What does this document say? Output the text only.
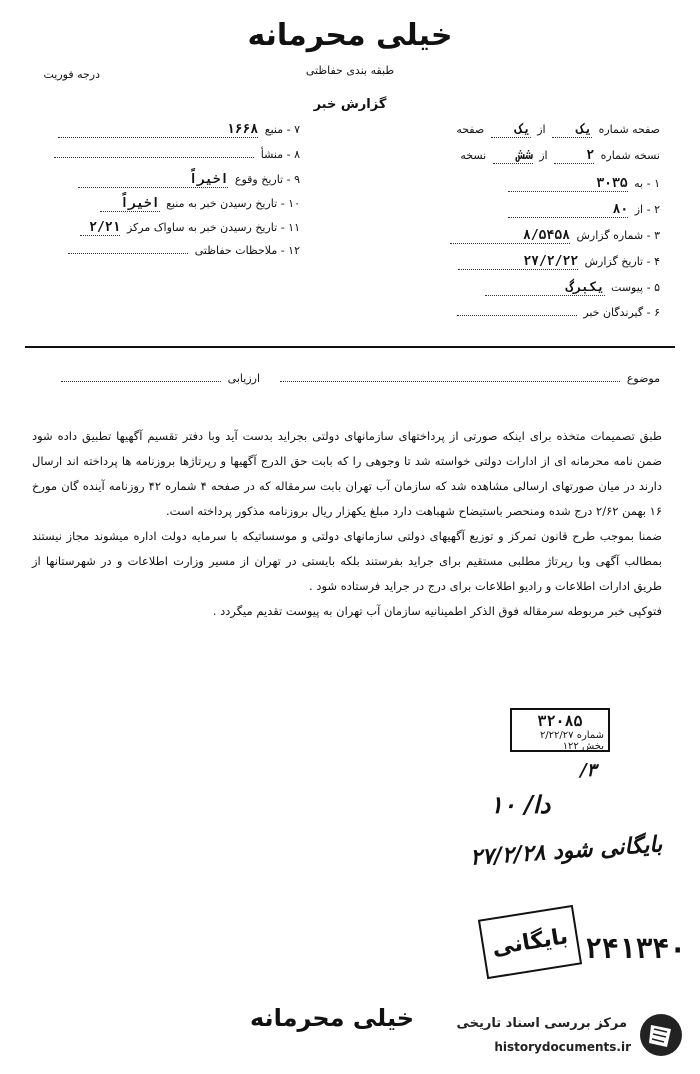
خیلی محرمانه
طبقه بندی حفاظتی
درجه فوریت
گزارش خبر
صفحه شماره یک از یک صفحه
نسخه شماره ۲ از شش نسخه
۱ - به ۳۰۳۵
۲ - از ۸۰
۳ - شماره گزارش ۸/۵۴۵۸
۴ - تاریخ گزارش ۲۷/۲/۲۲
۵ - پیوست یکبرگ
۶ - گیرندگان خبر
۷ - منبع ۱۶۶۸
۸ - منشأ
۹ - تاریخ وقوع اخیراً
۱۰ - تاریخ رسیدن خبر به منبع اخیراً
۱۱ - تاریخ رسیدن خبر به ساواک مرکز ۲/۲۱
۱۲ - ملاحظات حفاظتی
موضوع
ارزیابی

طبق تصمیمات متخذه برای اینکه صورتی از پرداختهای سازمانهای دولتی بجراید بدست آید وبا دفتر تقسیم آگهیها تطبیق داده شود ضمن نامه محرمانه ای از ادارات دولتی خواسته شد تا وجوهی را که بابت حق الدرج آگهیها و رپرتاژها بروزنامه ها پرداخته اند ارسال دارند در میان صورتهای ارسالی مشاهده شد که سازمان آب تهران بابت سرمقاله که در صفحه ۴ شماره ۴۲ روزنامه آینده گان مورخ ۱۶ بهمن ۲/۶۲ درج شده ومنحصر باستیضاح شهباهت دارد مبلغ یکهزار ریال بروزنامه مذکور پرداخته است.

ضمنا بموجب طرح قانون تمرکز و توزیع آگهیهای دولتی سازمانهای دولتی و موسساتیکه با سرمایه دولت اداره میشوند مجاز نیستند بمطالب آگهی وبا رپرتاژ مطلبی مستقیم برای جراید بفرستند بلکه بایستی در تهران از مسیر وزارت اطلاعات و در شهرستانها از طریق ادارات اطلاعات و رادیو اطلاعات برای درج در جراید فرستاده شود .

فتوکپی خبر مربوطه سرمقاله فوق الذکر اطمینانیه سازمان آب تهران به پیوست تقدیم میگردد .

۳۲۰۸۵
شماره ۲/۲۲/۲۷
بخش ۱۲۲
۳/
دا/ ۱۰
بایگانی شود ۲۷/۲/۲۸
بایگانی ۲۴۱۳۴۰
خیلی محرمانه	مرکز بررسی اسناد تاریخی
historydocuments.ir
